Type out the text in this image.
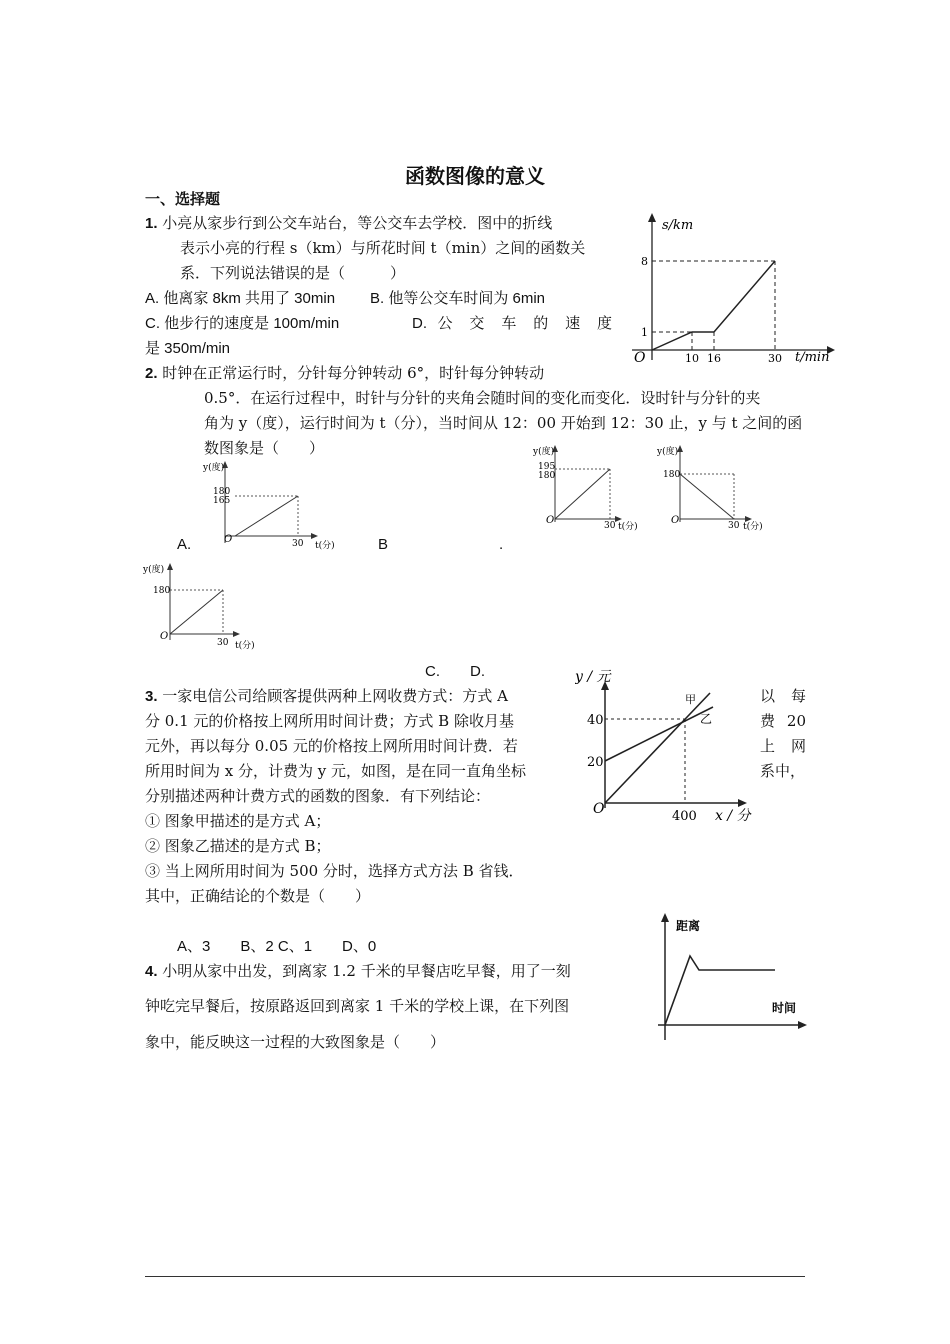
函数图像的意义
一、选择题
1. 小亮从家步行到公交车站台，等公交车去学校．图中的折线
表示小亮的行程 s（km）与所花时间 t（min）之间的函数关
系．下列说法错误的是（　　　）
A. 他离家 8km 共用了 30min B. 他等公交车时间为 6min
C. 他步行的速度是 100m/min	D. 公 交 车 的 速 度
是 350m/min
s/km
t/min
O	10 16	30
1
8
2. 时钟在正常运行时，分针每分钟转动 6°，时针每分钟转动
0.5°．在运行过程中，时针与分针的夹角会随时间的变化而变化．设时针与分针的夹
角为 y（度），运行时间为 t（分），当时间从 12：00 开始到 12：30 止，y 与 t 之间的函
数图象是（　　）
y(度)
t(分)
O
180
165
30
A.	B	.
y(度)
t(分)
O
195
180
30
y(度)
t(分)
O
180
30
y(度)
t(分)
O
180
30
C.　　D.
3. 一家电信公司给顾客提供两种上网收费方式：方式 A	以 每
分 0.1 元的价格按上网所用时间计费；方式 B 除收月基	费 20
元外，再以每分 0.05 元的价格按上网所用时间计费．若	上 网
所用时间为 x 分，计费为 y 元，如图，是在同一直角坐标	系中，
分别描述两种计费方式的函数的图象．有下列结论：
① 图象甲描述的是方式 A；
② 图象乙描述的是方式 B；
③ 当上网所用时间为 500 分时，选择方式方法 B 省钱．
其中，正确结论的个数是（　　）
A、3　　B、2 C、1　　D、0
y / 元
x / 分
O
40
20
400
甲
乙
4. 小明从家中出发，到离家 1.2 千米的早餐店吃早餐，用了一刻
钟吃完早餐后，按原路返回到离家 1 千米的学校上课，在下列图
象中，能反映这一过程的大致图象是（　　）
距离
时间
